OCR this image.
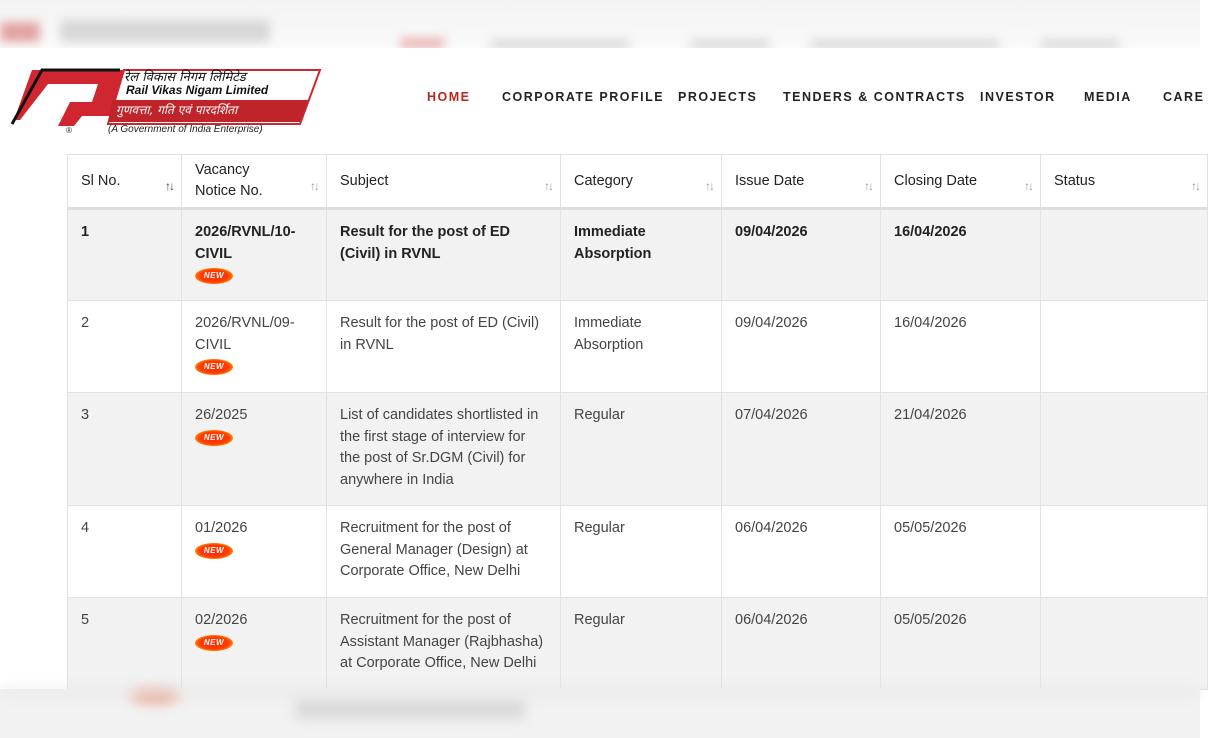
रेल विकास निगम लिमिटेड
Rail Vikas Nigam Limited
गुणवत्ता, गति एवं पारदर्शिता
(A Government of India Enterprise)
®
HOME	CORPORATE PROFILE PROJECTS TENDERS & CONTRACTS INVESTOR MEDIA CARE
Sl No. ↑↓	Vacancy Notice No. ↑↓	Subject ↑↓	Category ↑↓	Issue Date ↑↓	Closing Date ↑↓	Status ↑↓

1	2026/RVNL/10-CIVIL
NEW	Result for the post of ED (Civil) in RVNL	Immediate Absorption	09/04/2026	16/04/2026	
2	2026/RVNL/09-CIVIL
NEW	Result for the post of ED (Civil) in RVNL	Immediate Absorption	09/04/2026	16/04/2026	
3	26/2025
NEW	List of candidates shortlisted in the first stage of interview for the post of Sr.DGM (Civil) for anywhere in India	Regular	07/04/2026	21/04/2026	
4	01/2026
NEW	Recruitment for the post of General Manager (Design) at Corporate Office, New Delhi	Regular	06/04/2026	05/05/2026	
5	02/2026
NEW	Recruitment for the post of Assistant Manager (Rajbhasha) at Corporate Office, New Delhi	Regular	06/04/2026	05/05/2026	
